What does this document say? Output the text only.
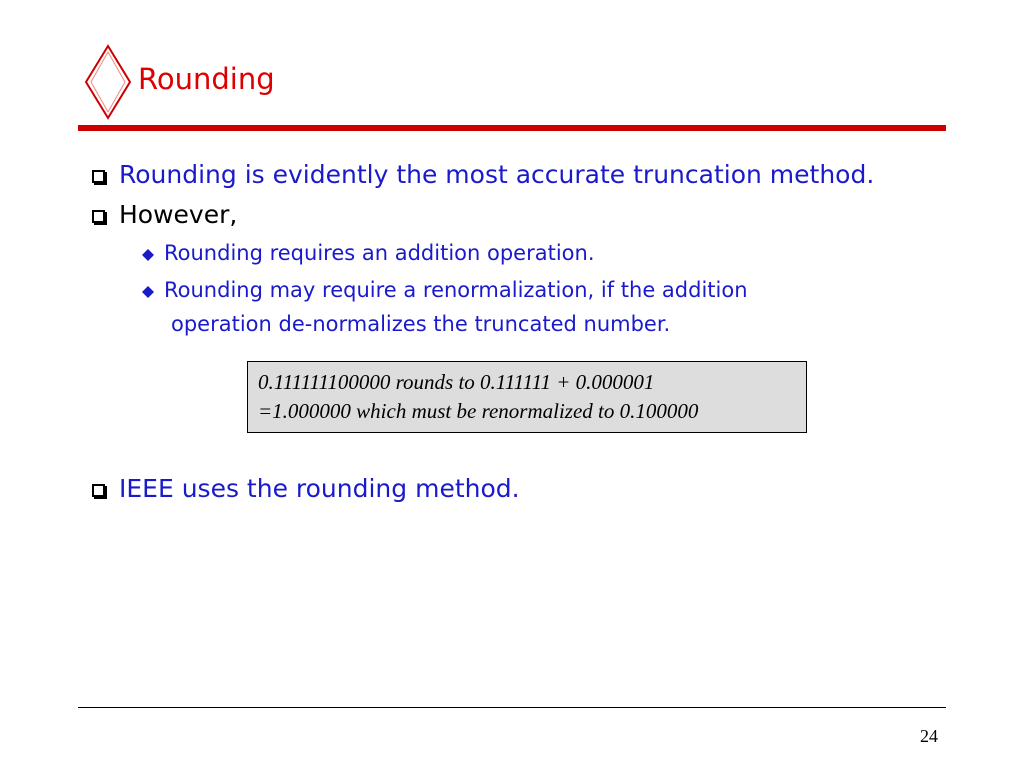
Rounding
Rounding is evidently the most accurate truncation method.
However,
Rounding requires an addition operation.
Rounding may require a renormalization, if the addition
operation de-normalizes the truncated number.
0.111111100000 rounds to 0.111111 + 0.000001
=1.000000 which must be renormalized to 0.100000
IEEE uses the rounding method.
24
